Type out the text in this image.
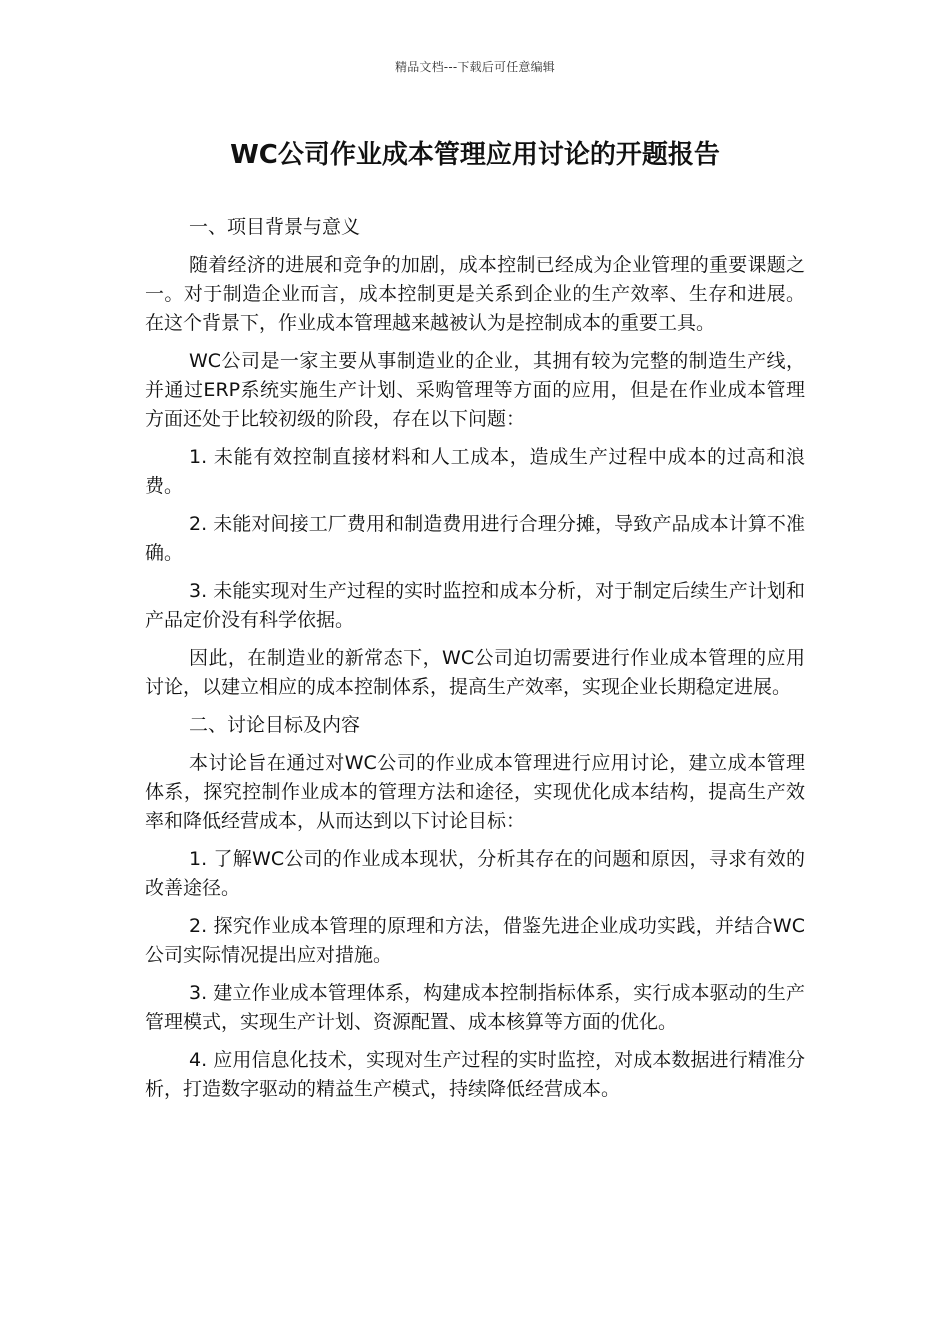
精品文档---下载后可任意编辑
WC公司作业成本管理应用讨论的开题报告

一、项目背景与意义

随着经济的进展和竞争的加剧，成本控制已经成为企业管理的重要课题之一。对于制造企业而言，成本控制更是关系到企业的生产效率、生存和进展。在这个背景下，作业成本管理越来越被认为是控制成本的重要工具。

WC公司是一家主要从事制造业的企业，其拥有较为完整的制造生产线，并通过ERP系统实施生产计划、采购管理等方面的应用，但是在作业成本管理方面还处于比较初级的阶段，存在以下问题：

1. 未能有效控制直接材料和人工成本，造成生产过程中成本的过高和浪费。

2. 未能对间接工厂费用和制造费用进行合理分摊，导致产品成本计算不准确。

3. 未能实现对生产过程的实时监控和成本分析，对于制定后续生产计划和产品定价没有科学依据。

因此，在制造业的新常态下，WC公司迫切需要进行作业成本管理的应用讨论，以建立相应的成本控制体系，提高生产效率，实现企业长期稳定进展。

二、讨论目标及内容

本讨论旨在通过对WC公司的作业成本管理进行应用讨论，建立成本管理体系，探究控制作业成本的管理方法和途径，实现优化成本结构，提高生产效率和降低经营成本，从而达到以下讨论目标：

1. 了解WC公司的作业成本现状，分析其存在的问题和原因，寻求有效的改善途径。

2. 探究作业成本管理的原理和方法，借鉴先进企业成功实践，并结合WC公司实际情况提出应对措施。

3. 建立作业成本管理体系，构建成本控制指标体系，实行成本驱动的生产管理模式，实现生产计划、资源配置、成本核算等方面的优化。

4. 应用信息化技术，实现对生产过程的实时监控，对成本数据进行精准分析，打造数字驱动的精益生产模式，持续降低经营成本。
